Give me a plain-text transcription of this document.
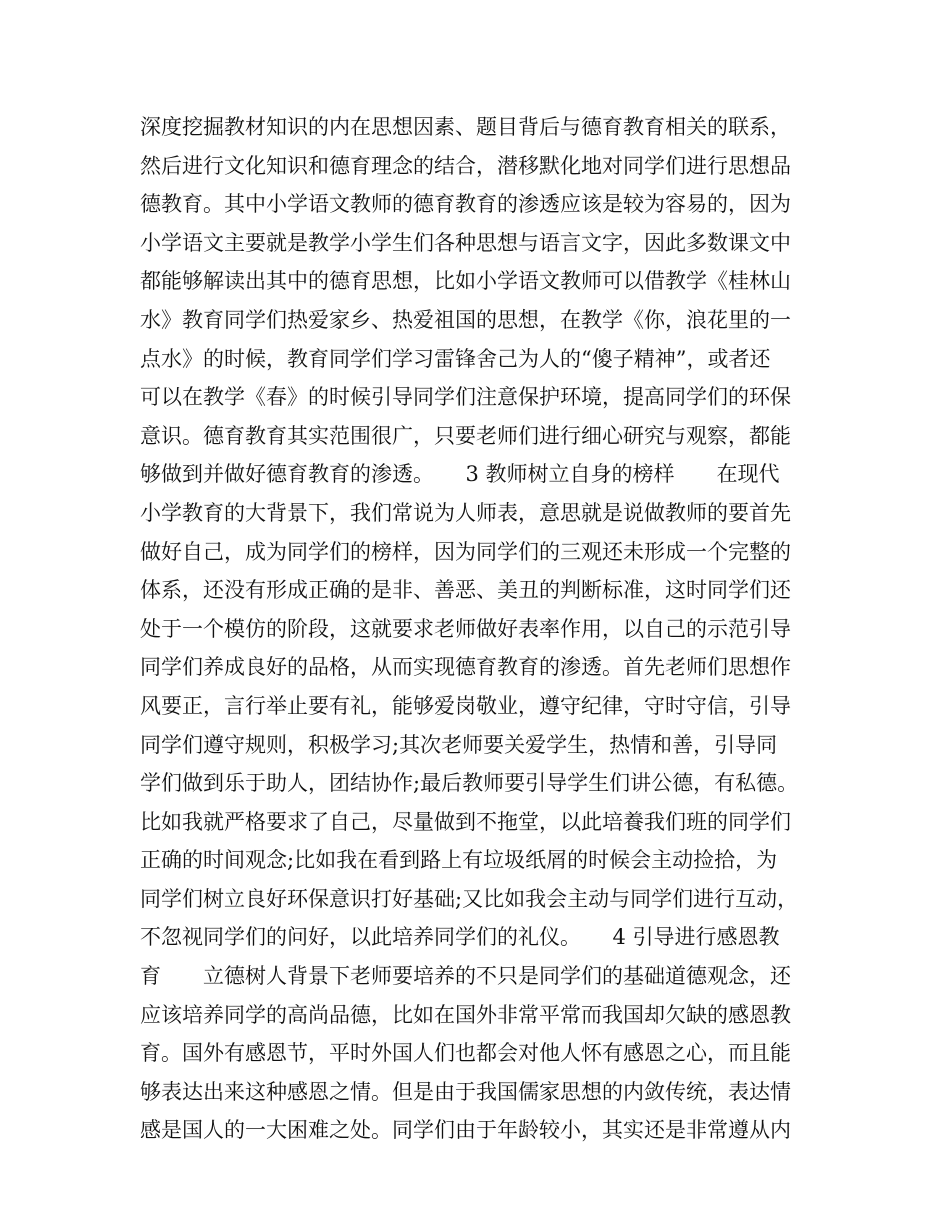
深度挖掘教材知识的内在思想因素、题目背后与德育教育相关的联系，
然后进行文化知识和德育理念的结合，潜移默化地对同学们进行思想品
德教育。其中小学语文教师的德育教育的渗透应该是较为容易的，因为
小学语文主要就是教学小学生们各种思想与语言文字，因此多数课文中
都能够解读出其中的德育思想，比如小学语文教师可以借教学《桂林山
水》教育同学们热爱家乡、热爱祖国的思想，在教学《你，浪花里的一
点水》的时候，教育同学们学习雷锋舍己为人的“傻子精神”，或者还
可以在教学《春》的时候引导同学们注意保护环境，提高同学们的环保
意识。德育教育其实范围很广，只要老师们进行细心研究与观察，都能
够做到并做好德育教育的渗透。　　3 教师树立自身的榜样　　在现代
小学教育的大背景下，我们常说为人师表，意思就是说做教师的要首先
做好自己，成为同学们的榜样，因为同学们的三观还未形成一个完整的
体系，还没有形成正确的是非、善恶、美丑的判断标准，这时同学们还
处于一个模仿的阶段，这就要求老师做好表率作用，以自己的示范引导
同学们养成良好的品格，从而实现德育教育的渗透。首先老师们思想作
风要正，言行举止要有礼，能够爱岗敬业，遵守纪律，守时守信，引导
同学们遵守规则，积极学习;其次老师要关爱学生，热情和善，引导同
学们做到乐于助人，团结协作;最后教师要引导学生们讲公德，有私德。
比如我就严格要求了自己，尽量做到不拖堂，以此培養我们班的同学们
正确的时间观念;比如我在看到路上有垃圾纸屑的时候会主动捡拾，为
同学们树立良好环保意识打好基础;又比如我会主动与同学们进行互动，
不忽视同学们的问好，以此培养同学们的礼仪。　　4 引导进行感恩教
育　　立德树人背景下老师要培养的不只是同学们的基础道德观念，还
应该培养同学的高尚品德，比如在国外非常平常而我国却欠缺的感恩教
育。国外有感恩节，平时外国人们也都会对他人怀有感恩之心，而且能
够表达出来这种感恩之情。但是由于我国儒家思想的内敛传统，表达情
感是国人的一大困难之处。同学们由于年龄较小，其实还是非常遵从内
